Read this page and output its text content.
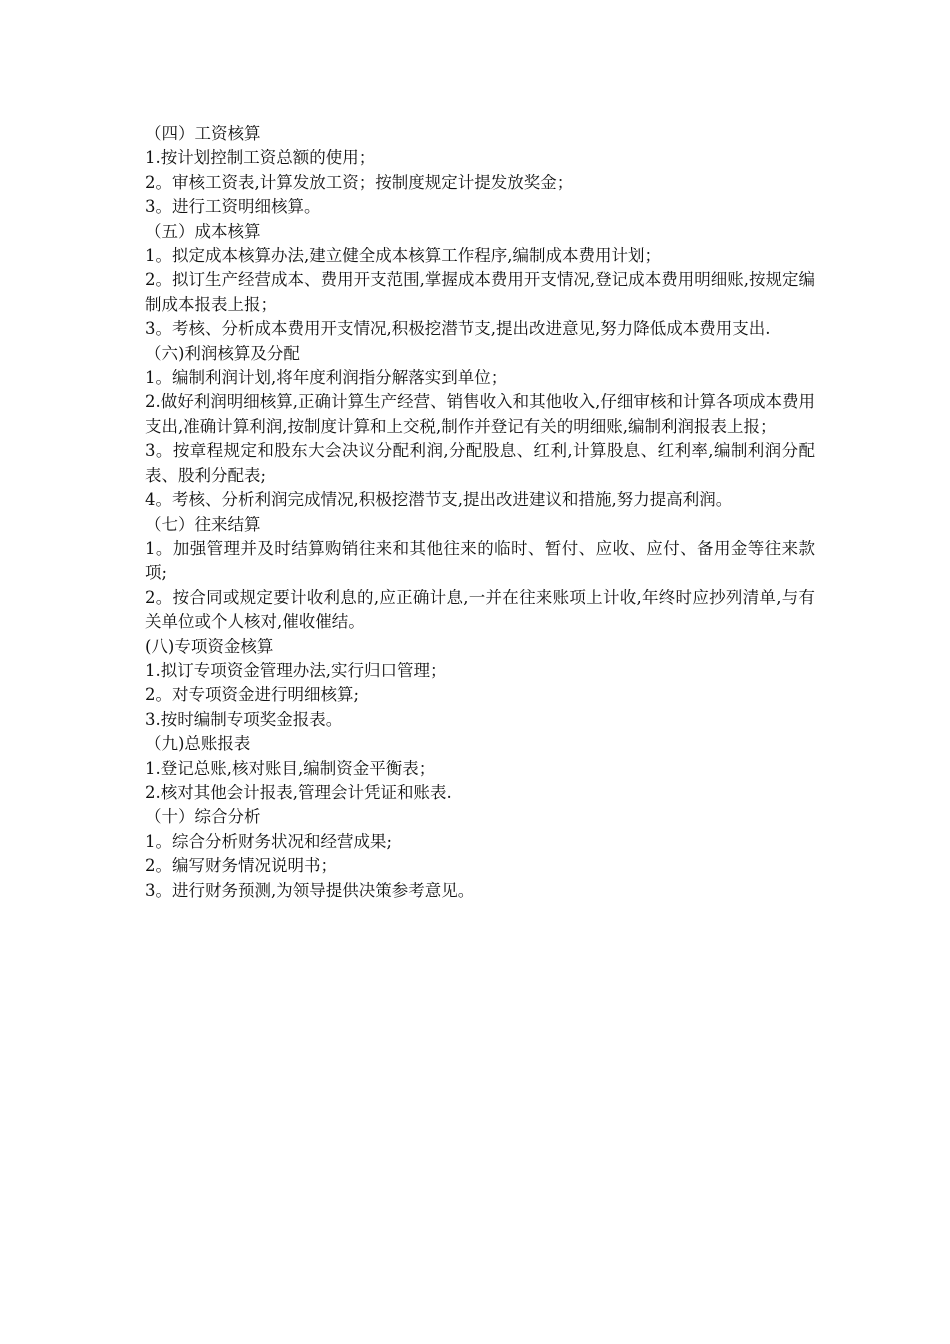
（四）工资核算
1.按计划控制工资总额的使用；
2。审核工资表,计算发放工资；按制度规定计提发放奖金；
3。进行工资明细核算。
（五）成本核算
1。拟定成本核算办法,建立健全成本核算工作程序,编制成本费用计划；
2。拟订生产经营成本、费用开支范围,掌握成本费用开支情况,登记成本费用明细账,按规定编制成本报表上报；
3。考核、分析成本费用开支情况,积极挖潜节支,提出改进意见,努力降低成本费用支出.
（六)利润核算及分配
1。编制利润计划,将年度利润指分解落实到单位；
2.做好利润明细核算,正确计算生产经营、销售收入和其他收入,仔细审核和计算各项成本费用支出,准确计算利润,按制度计算和上交税,制作并登记有关的明细账,编制利润报表上报；
3。按章程规定和股东大会决议分配利润,分配股息、红利,计算股息、红利率,编制利润分配表、股利分配表;
4。考核、分析利润完成情况,积极挖潜节支,提出改进建议和措施,努力提高利润。
（七）往来结算
1。加强管理并及时结算购销往来和其他往来的临时、暂付、应收、应付、备用金等往来款项;
2。按合同或规定要计收利息的,应正确计息,一并在往来账项上计收,年终时应抄列清单,与有关单位或个人核对,催收催结。
(八)专项资金核算
1.拟订专项资金管理办法,实行归口管理；
2。对专项资金进行明细核算;
3.按时编制专项奖金报表。
（九)总账报表
1.登记总账,核对账目,编制资金平衡表；
2.核对其他会计报表,管理会计凭证和账表.
（十）综合分析
1。综合分析财务状况和经营成果;
2。编写财务情况说明书；
3。进行财务预测,为领导提供决策参考意见。
